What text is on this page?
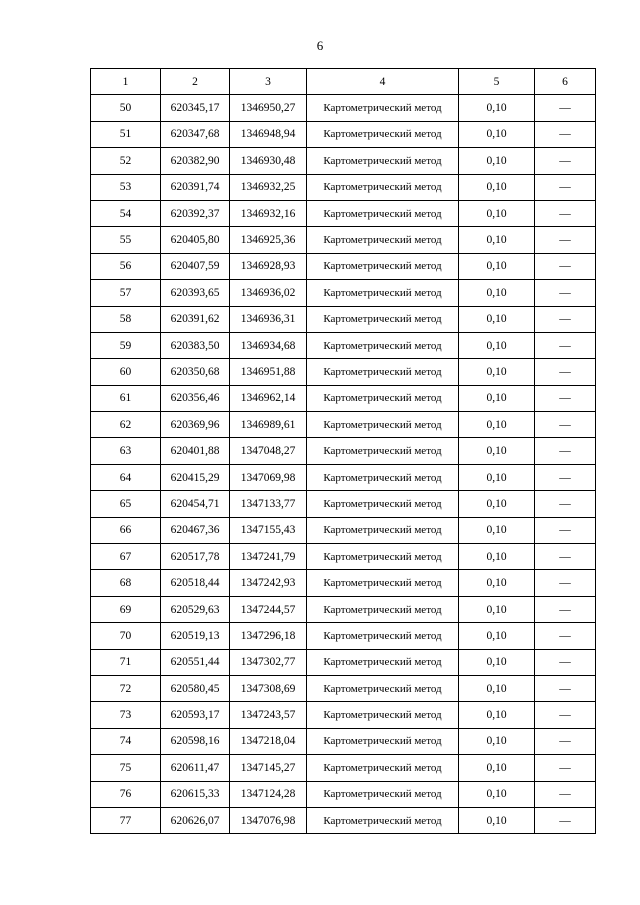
6
1	2	3	4	5	6
50	620345,17	1346950,27	Картометрический метод	0,10	—
51	620347,68	1346948,94	Картометрический метод	0,10	—
52	620382,90	1346930,48	Картометрический метод	0,10	—
53	620391,74	1346932,25	Картометрический метод	0,10	—
54	620392,37	1346932,16	Картометрический метод	0,10	—
55	620405,80	1346925,36	Картометрический метод	0,10	—
56	620407,59	1346928,93	Картометрический метод	0,10	—
57	620393,65	1346936,02	Картометрический метод	0,10	—
58	620391,62	1346936,31	Картометрический метод	0,10	—
59	620383,50	1346934,68	Картометрический метод	0,10	—
60	620350,68	1346951,88	Картометрический метод	0,10	—
61	620356,46	1346962,14	Картометрический метод	0,10	—
62	620369,96	1346989,61	Картометрический метод	0,10	—
63	620401,88	1347048,27	Картометрический метод	0,10	—
64	620415,29	1347069,98	Картометрический метод	0,10	—
65	620454,71	1347133,77	Картометрический метод	0,10	—
66	620467,36	1347155,43	Картометрический метод	0,10	—
67	620517,78	1347241,79	Картометрический метод	0,10	—
68	620518,44	1347242,93	Картометрический метод	0,10	—
69	620529,63	1347244,57	Картометрический метод	0,10	—
70	620519,13	1347296,18	Картометрический метод	0,10	—
71	620551,44	1347302,77	Картометрический метод	0,10	—
72	620580,45	1347308,69	Картометрический метод	0,10	—
73	620593,17	1347243,57	Картометрический метод	0,10	—
74	620598,16	1347218,04	Картометрический метод	0,10	—
75	620611,47	1347145,27	Картометрический метод	0,10	—
76	620615,33	1347124,28	Картометрический метод	0,10	—
77	620626,07	1347076,98	Картометрический метод	0,10	—
